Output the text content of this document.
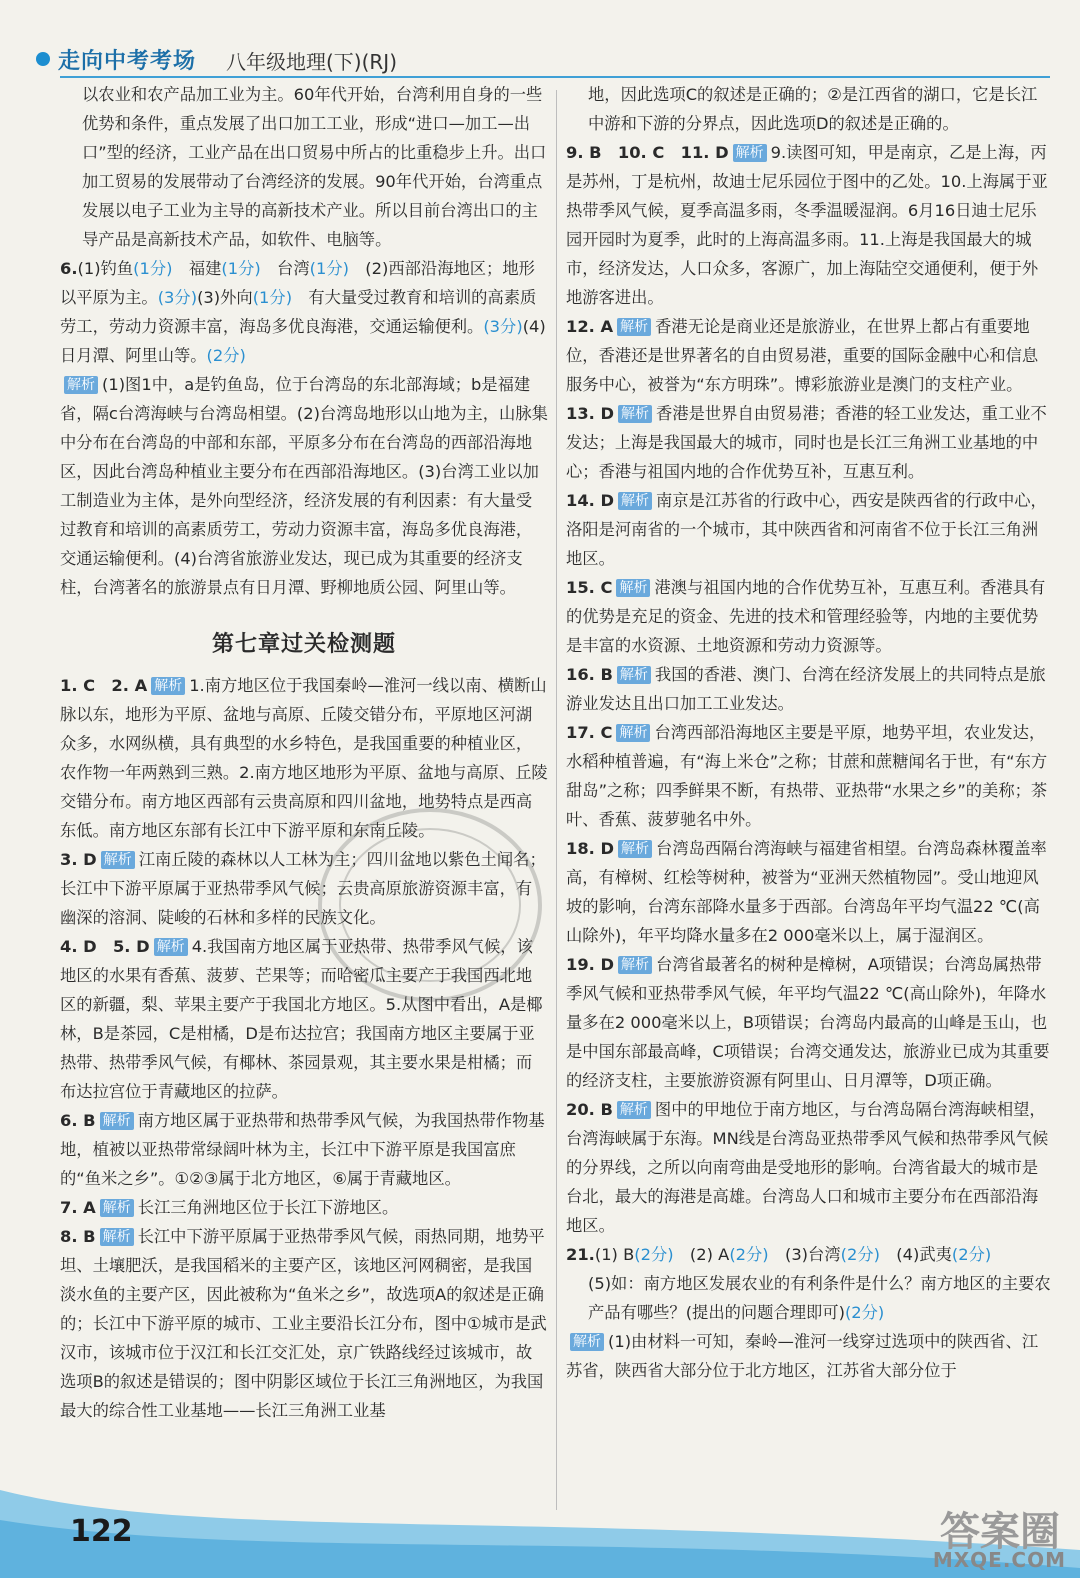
走向中考考场 八年级地理(下)(RJ)

以农业和农产品加工业为主。60年代开始，台湾利用自身的一些优势和条件，重点发展了出口加工工业，形成“进口—加工—出口”型的经济，工业产品在出口贸易中所占的比重稳步上升。出口加工贸易的发展带动了台湾经济的发展。90年代开始，台湾重点发展以电子工业为主导的高新技术产业。所以目前台湾出口的主导产品是高新技术产品，如软件、电脑等。

6.(1)钓鱼(1分)　 福建(1分)　 台湾(1分)　 (2)西部沿海地区；地形以平原为主。(3分)(3)外向(1分)　 有大量受过教育和培训的高素质劳工，劳动力资源丰富，海岛多优良海港，交通运输便利。(3分)(4)日月潭、阿里山等。(2分)

解析 (1)图1中，a是钓鱼岛，位于台湾岛的东北部海域；b是福建省，隔c台湾海峡与台湾岛相望。(2)台湾岛地形以山地为主，山脉集中分布在台湾岛的中部和东部，平原多分布在台湾岛的西部沿海地区，因此台湾岛种植业主要分布在西部沿海地区。(3)台湾工业以加工制造业为主体，是外向型经济，经济发展的有利因素：有大量受过教育和培训的高素质劳工，劳动力资源丰富，海岛多优良海港，交通运输便利。(4)台湾省旅游业发达，现已成为其重要的经济支柱，台湾著名的旅游景点有日月潭、野柳地质公园、阿里山等。

第七章过关检测题

1. C　2. A 解析 1.南方地区位于我国秦岭—淮河一线以南、横断山脉以东，地形为平原、盆地与高原、丘陵交错分布，平原地区河湖众多，水网纵横，具有典型的水乡特色，是我国重要的种植业区，农作物一年两熟到三熟。2.南方地区地形为平原、盆地与高原、丘陵交错分布。南方地区西部有云贵高原和四川盆地，地势特点是西高东低。南方地区东部有长江中下游平原和东南丘陵。

3. D 解析 江南丘陵的森林以人工林为主；四川盆地以紫色土闻名；长江中下游平原属于亚热带季风气候；云贵高原旅游资源丰富，有幽深的溶洞、陡峻的石林和多样的民族文化。

4. D　5. D 解析 4.我国南方地区属于亚热带、热带季风气候，该地区的水果有香蕉、菠萝、芒果等；而哈密瓜主要产于我国西北地区的新疆，梨、苹果主要产于我国北方地区。5.从图中看出，A是椰林，B是茶园，C是柑橘，D是布达拉宫；我国南方地区主要属于亚热带、热带季风气候，有椰林、茶园景观，其主要水果是柑橘；而布达拉宫位于青藏地区的拉萨。

6. B 解析 南方地区属于亚热带和热带季风气候，为我国热带作物基地，植被以亚热带常绿阔叶林为主，长江中下游平原是我国富庶的“鱼米之乡”。①②③属于北方地区，⑥属于青藏地区。

7. A 解析 长江三角洲地区位于长江下游地区。

8. B 解析 长江中下游平原属于亚热带季风气候，雨热同期，地势平坦、土壤肥沃，是我国稻米的主要产区，该地区河网稠密，是我国淡水鱼的主要产区，因此被称为“鱼米之乡”，故选项A的叙述是正确的；长江中下游平原的城市、工业主要沿长江分布，图中①城市是武汉市，该城市位于汉江和长江交汇处，京广铁路线经过该城市，故选项B的叙述是错误的；图中阴影区域位于长江三角洲地区，为我国最大的综合性工业基地——长江三角洲工业基

地，因此选项C的叙述是正确的；②是江西省的湖口，它是长江中游和下游的分界点，因此选项D的叙述是正确的。

9. B　10. C　11. D 解析 9.读图可知，甲是南京，乙是上海，丙是苏州，丁是杭州，故迪士尼乐园位于图中的乙处。10.上海属于亚热带季风气候，夏季高温多雨，冬季温暖湿润。6月16日迪士尼乐园开园时为夏季，此时的上海高温多雨。11.上海是我国最大的城市，经济发达，人口众多，客源广，加上海陆空交通便利，便于外地游客进出。

12. A 解析 香港无论是商业还是旅游业，在世界上都占有重要地位，香港还是世界著名的自由贸易港，重要的国际金融中心和信息服务中心，被誉为“东方明珠”。博彩旅游业是澳门的支柱产业。

13. D 解析 香港是世界自由贸易港；香港的轻工业发达，重工业不发达；上海是我国最大的城市，同时也是长江三角洲工业基地的中心；香港与祖国内地的合作优势互补，互惠互利。

14. D 解析 南京是江苏省的行政中心，西安是陕西省的行政中心，洛阳是河南省的一个城市，其中陕西省和河南省不位于长江三角洲地区。

15. C 解析 港澳与祖国内地的合作优势互补，互惠互利。香港具有的优势是充足的资金、先进的技术和管理经验等，内地的主要优势是丰富的水资源、土地资源和劳动力资源等。

16. B 解析 我国的香港、澳门、台湾在经济发展上的共同特点是旅游业发达且出口加工工业发达。

17. C 解析 台湾西部沿海地区主要是平原，地势平坦，农业发达，水稻种植普遍，有“海上米仓”之称；甘蔗和蔗糖闻名于世，有“东方甜岛”之称；四季鲜果不断，有热带、亚热带“水果之乡”的美称；茶叶、香蕉、菠萝驰名中外。

18. D 解析 台湾岛西隔台湾海峡与福建省相望。台湾岛森林覆盖率高，有樟树、红桧等树种，被誉为“亚洲天然植物园”。受山地迎风坡的影响，台湾东部降水量多于西部。台湾岛年平均气温22 ℃(高山除外)，年平均降水量多在2 000毫米以上，属于湿润区。

19. D 解析 台湾省最著名的树种是樟树，A项错误；台湾岛属热带季风气候和亚热带季风气候，年平均气温22 ℃(高山除外)，年降水量多在2 000毫米以上，B项错误；台湾岛内最高的山峰是玉山，也是中国东部最高峰，C项错误；台湾交通发达，旅游业已成为其重要的经济支柱，主要旅游资源有阿里山、日月潭等，D项正确。

20. B 解析 图中的甲地位于南方地区，与台湾岛隔台湾海峡相望，台湾海峡属于东海。MN线是台湾岛亚热带季风气候和热带季风气候的分界线，之所以向南弯曲是受地形的影响。台湾省最大的城市是台北，最大的海港是高雄。台湾岛人口和城市主要分布在西部沿海地区。

21.(1) B(2分)　 (2) A(2分)　 (3)台湾(2分)　 (4)武夷(2分)

(5)如：南方地区发展农业的有利条件是什么？南方地区的主要农产品有哪些？(提出的问题合理即可)(2分)

解析 (1)由材料一可知，秦岭—淮河一线穿过选项中的陕西省、江苏省，陕西省大部分位于北方地区，江苏省大部分位于

122	答案圈
MXQE.COM
